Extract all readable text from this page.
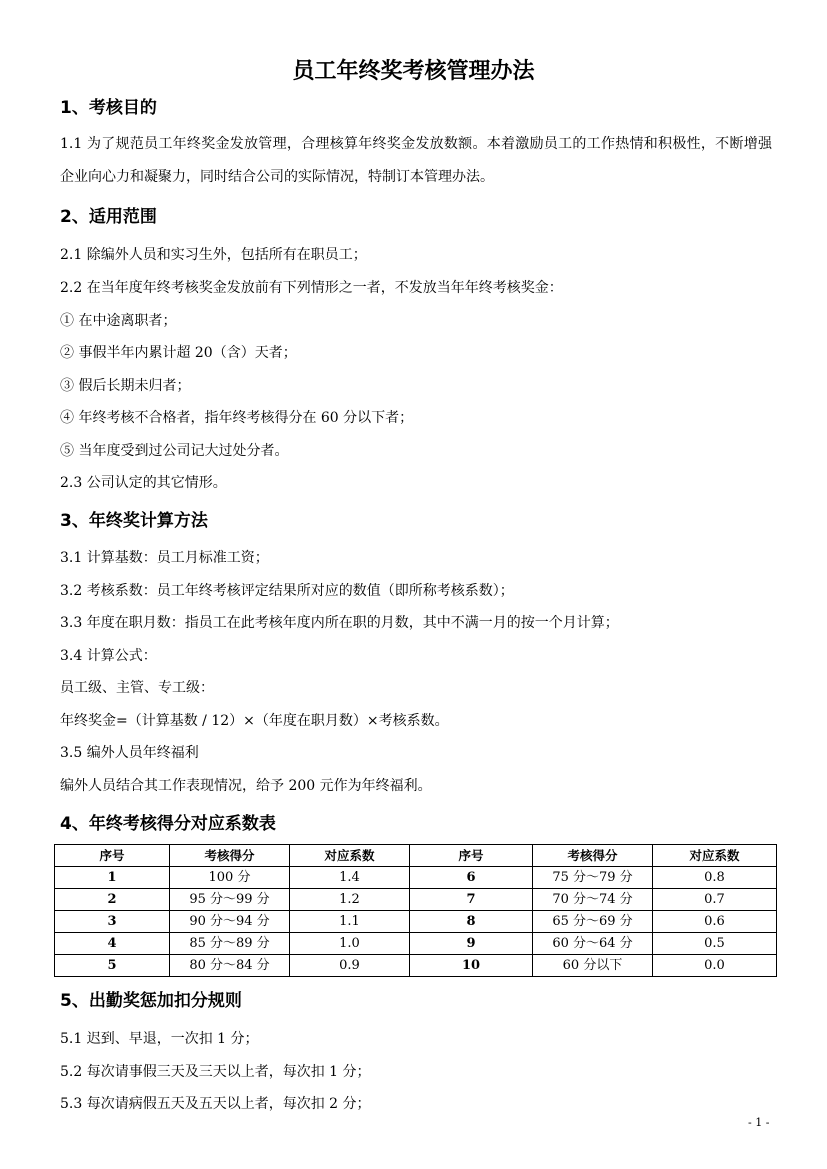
员工年终奖考核管理办法
1、考核目的
1.1 为了规范员工年终奖金发放管理，合理核算年终奖金发放数额。本着激励员工的工作热情和积极性，不断增强企业向心力和凝聚力，同时结合公司的实际情况，特制订本管理办法。
2、适用范围
2.1 除编外人员和实习生外，包括所有在职员工；
2.2 在当年度年终考核奖金发放前有下列情形之一者，不发放当年年终考核奖金：
① 在中途离职者；
② 事假半年内累计超 20（含）天者；
③ 假后长期未归者；
④ 年终考核不合格者，指年终考核得分在 60 分以下者；
⑤ 当年度受到过公司记大过处分者。
2.3 公司认定的其它情形。
3、年终奖计算方法
3.1 计算基数：员工月标准工资；
3.2 考核系数：员工年终考核评定结果所对应的数值（即所称考核系数）；
3.3 年度在职月数：指员工在此考核年度内所在职的月数，其中不满一月的按一个月计算；
3.4 计算公式：
员工级、主管、专工级：
年终奖金=（计算基数 / 12）×（年度在职月数）×考核系数。
3.5 编外人员年终福利
编外人员结合其工作表现情况，给予 200 元作为年终福利。
4、年终考核得分对应系数表
序号	考核得分	对应系数	序号	考核得分	对应系数
1	100 分	1.4	6	75 分～79 分	0.8
2	95 分～99 分	1.2	7	70 分～74 分	0.7
3	90 分～94 分	1.1	8	65 分～69 分	0.6
4	85 分～89 分	1.0	9	60 分～64 分	0.5
5	80 分～84 分	0.9	10	60 分以下	0.0
5、出勤奖惩加扣分规则
5.1 迟到、早退，一次扣 1 分；
5.2 每次请事假三天及三天以上者，每次扣 1 分；
5.3 每次请病假五天及五天以上者，每次扣 2 分；
- 1 -
